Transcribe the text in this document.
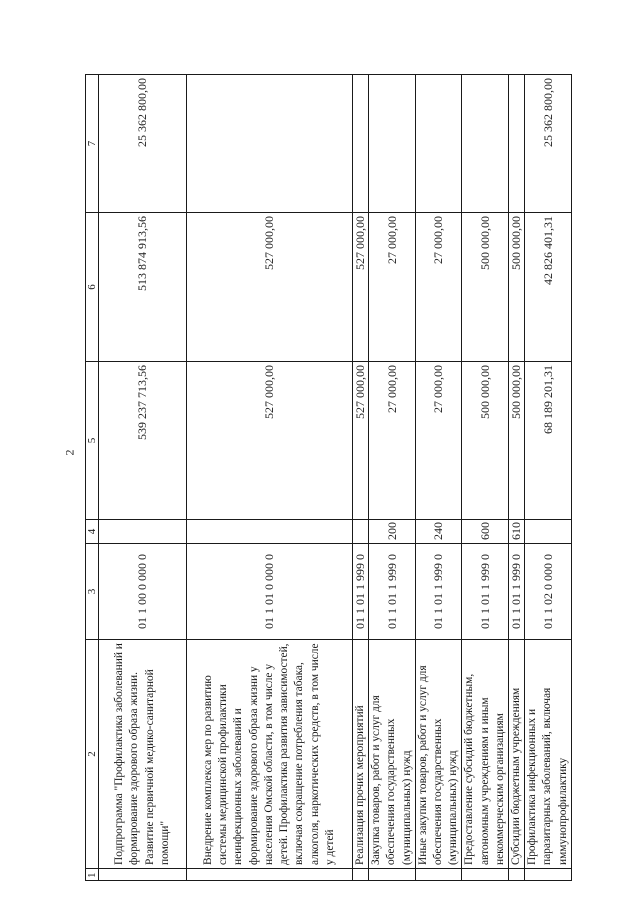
2
1	2	3	4	5	6	7
	Подпрограмма "Профилактика заболеваний и формирование здорового образа жизни. Развитие первичной медико-санитарной помощи"	01 1 00 0 000 0		539 237 713,56	513 874 913,56	25 362 800,00
	Внедрение комплекса мер по развитию системы медицинской профилактики неинфекционных заболеваний и формирование здорового образа жизни у населения Омской области, в том числе у детей. Профилактика развития зависимостей, включая сокращение потребления табака, алкоголя, наркотических средств, в том числе у детей	01 1 01 0 000 0		527 000,00	527 000,00	
	Реализация прочих мероприятий	01 1 01 1 999 0		527 000,00	527 000,00	
	Закупка товаров, работ и услуг для обеспечения государственных (муниципальных) нужд	01 1 01 1 999 0	200	27 000,00	27 000,00	
	Иные закупки товаров, работ и услуг для обеспечения государственных (муниципальных) нужд	01 1 01 1 999 0	240	27 000,00	27 000,00	
	Предоставление субсидий бюджетным, автономным учреждениям и иным некоммерческим организациям	01 1 01 1 999 0	600	500 000,00	500 000,00	
	Субсидии бюджетным учреждениям	01 1 01 1 999 0	610	500 000,00	500 000,00	
	Профилактика инфекционных и паразитарных заболеваний, включая иммунопрофилактику	01 1 02 0 000 0		68 189 201,31	42 826 401,31	25 362 800,00
